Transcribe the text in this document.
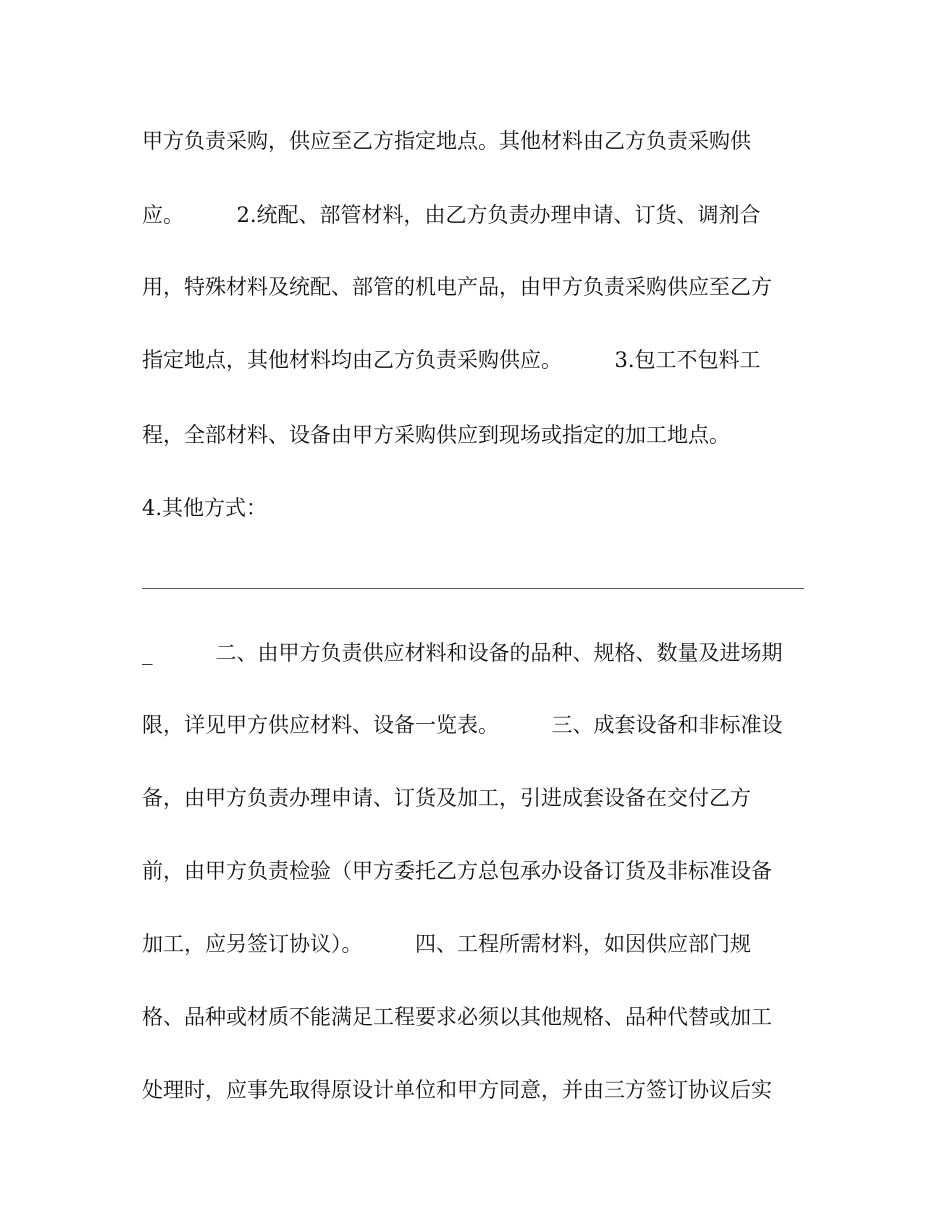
甲方负责采购，供应至乙方指定地点。其他材料由乙方负责采购供
应。　　　2.统配、部管材料，由乙方负责办理申请、订货、调剂合
用，特殊材料及统配、部管的机电产品，由甲方负责采购供应至乙方
指定地点，其他材料均由乙方负责采购供应。　　　3.包工不包料工
程，全部材料、设备由甲方采购供应到现场或指定的加工地点。
4.其他方式：
_　　　二、由甲方负责供应材料和设备的品种、规格、数量及进场期
限，详见甲方供应材料、设备一览表。　　　三、成套设备和非标准设
备，由甲方负责办理申请、订货及加工，引进成套设备在交付乙方
前，由甲方负责检验（甲方委托乙方总包承办设备订货及非标准设备
加工，应另签订协议）。　　　四、工程所需材料，如因供应部门规
格、品种或材质不能满足工程要求必须以其他规格、品种代替或加工
处理时，应事先取得原设计单位和甲方同意，并由三方签订协议后实
